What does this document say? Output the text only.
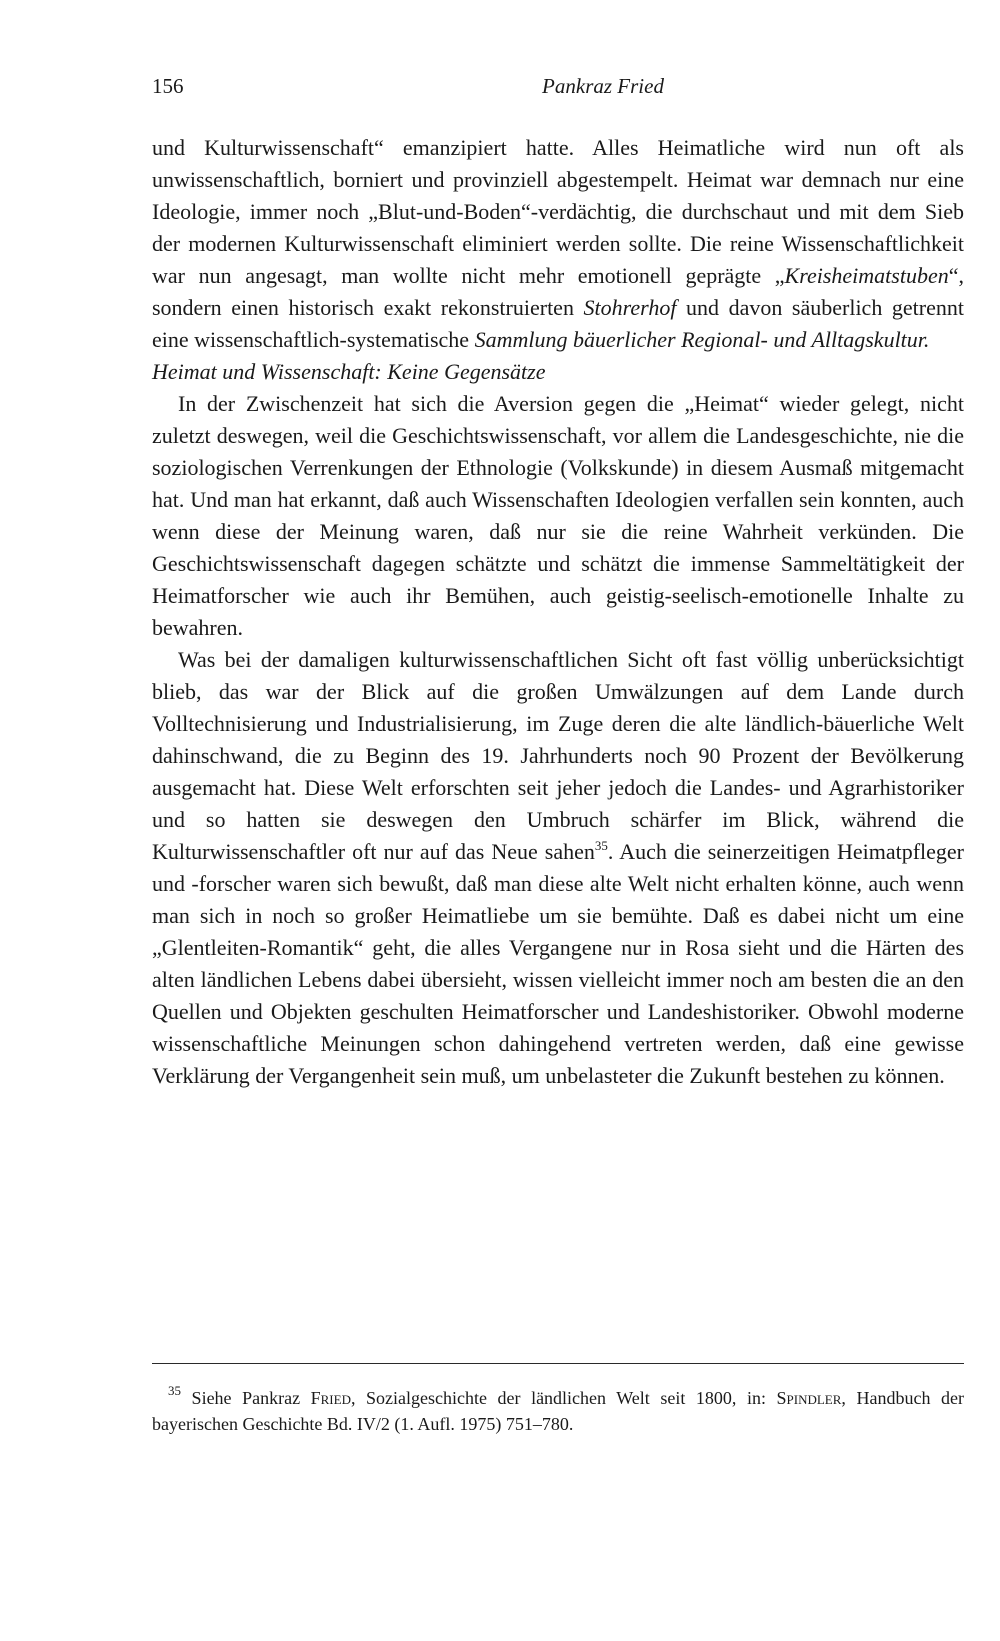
156	Pankraz Fried

und Kulturwissenschaft“ emanzipiert hatte. Alles Heimatliche wird nun oft als unwissenschaftlich, borniert und provinziell abgestempelt. Heimat war demnach nur eine Ideologie, immer noch „Blut-und-Boden“-verdächtig, die durchschaut und mit dem Sieb der modernen Kulturwissenschaft eliminiert werden sollte. Die reine Wissenschaftlichkeit war nun angesagt, man wollte nicht mehr emotionell geprägte „Kreisheimatstuben“, sondern einen historisch exakt rekonstruierten Stohrerhof und davon säuberlich getrennt eine wissenschaftlich-systematische Sammlung bäuerlicher Regional- und Alltagskultur.

Heimat und Wissenschaft: Keine Gegensätze

In der Zwischenzeit hat sich die Aversion gegen die „Heimat“ wieder gelegt, nicht zuletzt deswegen, weil die Geschichtswissenschaft, vor allem die Landesgeschichte, nie die soziologischen Verrenkungen der Ethnologie (Volkskunde) in diesem Ausmaß mitgemacht hat. Und man hat erkannt, daß auch Wissenschaften Ideologien verfallen sein konnten, auch wenn diese der Meinung waren, daß nur sie die reine Wahrheit verkünden. Die Geschichtswissenschaft dagegen schätzte und schätzt die immense Sammeltätigkeit der Heimatforscher wie auch ihr Bemühen, auch geistig-seelisch-emotionelle Inhalte zu bewahren.

Was bei der damaligen kulturwissenschaftlichen Sicht oft fast völlig unberücksichtigt blieb, das war der Blick auf die großen Umwälzungen auf dem Lande durch Volltechnisierung und Industrialisierung, im Zuge deren die alte ländlich-bäuerliche Welt dahinschwand, die zu Beginn des 19. Jahrhunderts noch 90 Prozent der Bevölkerung ausgemacht hat. Diese Welt erforschten seit jeher jedoch die Landes- und Agrarhistoriker und so hatten sie deswegen den Umbruch schärfer im Blick, während die Kulturwissenschaftler oft nur auf das Neue sahen$^{35}$. Auch die seinerzeitigen Heimatpfleger und -forscher waren sich bewußt, daß man diese alte Welt nicht erhalten könne, auch wenn man sich in noch so großer Heimatliebe um sie bemühte. Daß es dabei nicht um eine „Glentleiten-Romantik“ geht, die alles Vergangene nur in Rosa sieht und die Härten des alten ländlichen Lebens dabei übersieht, wissen vielleicht immer noch am besten die an den Quellen und Objekten geschulten Heimatforscher und Landeshistoriker. Obwohl moderne wissenschaftliche Meinungen schon dahingehend vertreten werden, daß eine gewisse Verklärung der Vergangenheit sein muß, um unbelasteter die Zukunft bestehen zu können.

$^{35}$ Siehe Pankraz Fried, Sozialgeschichte der ländlichen Welt seit 1800, in: Spindler, Handbuch der bayerischen Geschichte Bd. IV/2 (1. Aufl. 1975) 751–780.
